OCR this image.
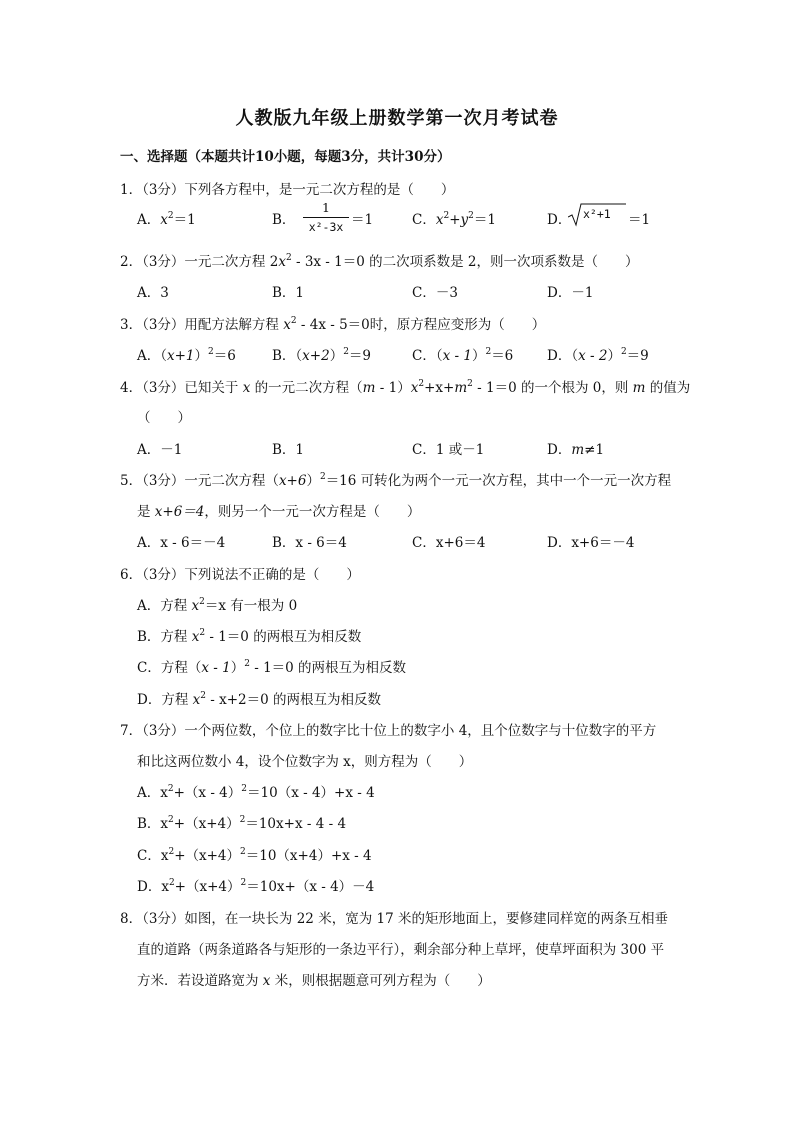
人教版九年级上册数学第一次月考试卷
一、选择题（本题共计10小题，每题3分，共计30分）
1．（3分）下列各方程中，是一元二次方程的是（　　）
A．$x^2=1$	B．
1
x²-3x ＝1	C．$x^2+y^2=1$	D． x²+1 ＝1
2．（3分）一元二次方程 $2x^2 - 3x - 1=0$ 的二次项系数是 2，则一次项系数是（　　）
A．3	B．1	C．－3	D．－1
3．（3分）用配方法解方程 $x^2 - 4x - 5=0$时，原方程应变形为（　　）
A．$(x+1)^2=6$	B．$(x+2)^2=9$	C．（x - 1）$^2$＝6 D．（x - 2）$^2$＝9
4．（3分）已知关于 x 的一元二次方程$(m - 1)x^2+x+m^2 - 1=0$ 的一个根为 0，则 m 的值为
（　　）
A．－1	B．1	C．1 或－1	D．m≠1
5．（3分）一元二次方程$(x+6)^2=16$ 可转化为两个一元一次方程，其中一个一元一次方程
是 x+6＝4，则另一个一元一次方程是（　　）
A．x - 6＝－4	B．x - 6＝4	C．x+6＝4	D．x+6＝－4
6．（3分）下列说法不正确的是（　　）
A．方程 $x^2=x$ 有一根为 0
B．方程 $x^2 - 1=0$ 的两根互为相反数
C．方程（x - 1）$^2$ - 1＝0 的两根互为相反数
D．方程 $x^2 - x+2=0$ 的两根互为相反数
7．（3分）一个两位数，个位上的数字比十位上的数字小 4，且个位数字与十位数字的平方
和比这两位数小 4，设个位数字为 x，则方程为（　　）
A．$x^2+(x - 4)^2=10(x - 4)+x - 4$
B．$x^2+(x+4)^2=10x+x - 4 - 4$
C．$x^2+(x+4)^2=10(x+4)+x - 4$
D．$x^2+(x+4)^2=10x+(x - 4)-4$
8．（3分）如图，在一块长为 22 米，宽为 17 米的矩形地面上，要修建同样宽的两条互相垂
直的道路（两条道路各与矩形的一条边平行），剩余部分种上草坪，使草坪面积为 300 平
方米．若设道路宽为 x 米，则根据题意可列方程为（　　）
